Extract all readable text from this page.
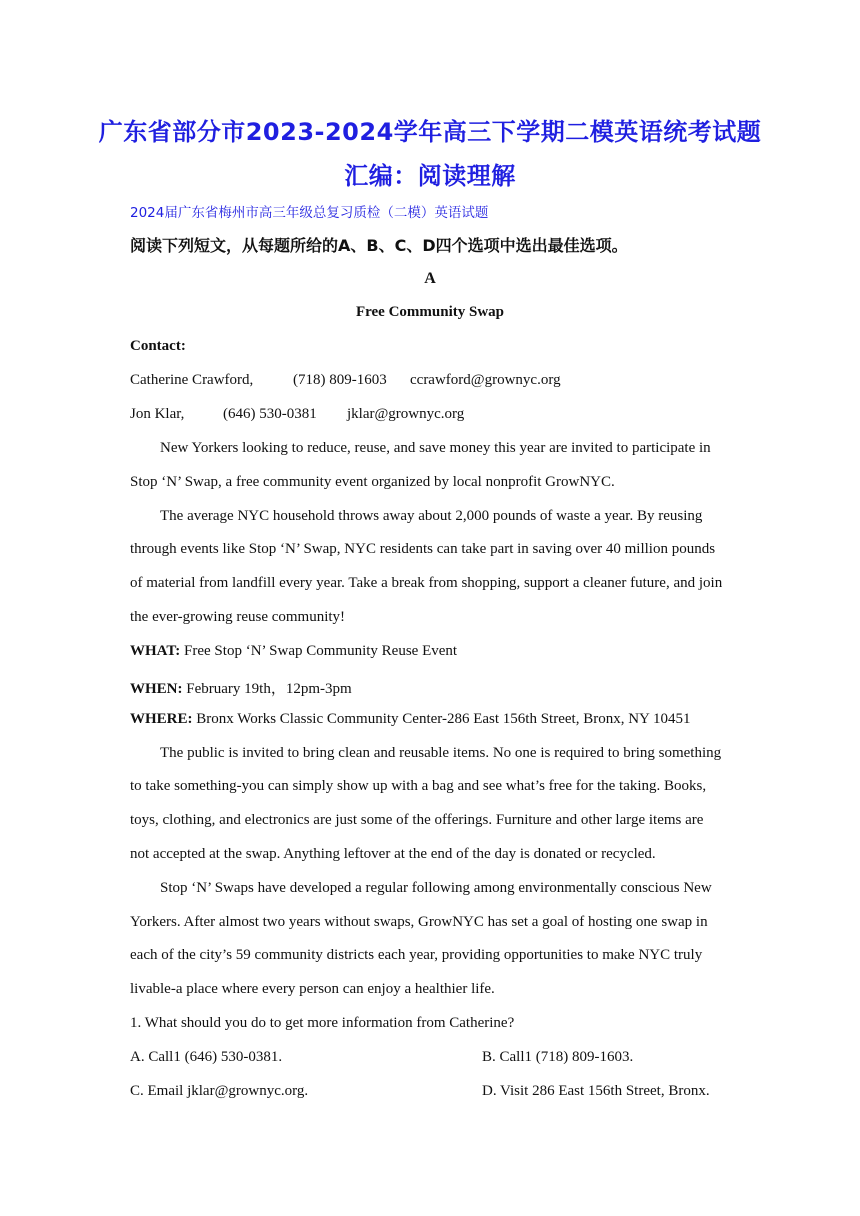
广东省部分市2023-2024学年高三下学期二模英语统考试题
汇编：阅读理解
2024届广东省梅州市高三年级总复习质检（二模）英语试题
阅读下列短文，从每题所给的A、B、C、D四个选项中选出最佳选项。
A
Free Community Swap
Contact:
Catherine Crawford,	(718) 809-1603 ccrawford@grownyc.org
Jon Klar,	(646) 530-0381 jklar@grownyc.org
New Yorkers looking to reduce, reuse, and save money this year are invited to participate in
Stop ‘N’ Swap, a free community event organized by local nonprofit GrowNYC.
The average NYC household throws away about 2,000 pounds of waste a year. By reusing
through events like Stop ‘N’ Swap, NYC residents can take part in saving over 40 million pounds
of material from landfill every year. Take a break from shopping, support a cleaner future, and join
the ever-growing reuse community!
WHAT: Free Stop ‘N’ Swap Community Reuse Event
WHEN: February 19th，12pm-3pm
WHERE: Bronx Works Classic Community Center-286 East 156th Street, Bronx, NY 10451
The public is invited to bring clean and reusable items. No one is required to bring something
to take something-you can simply show up with a bag and see what’s free for the taking. Books,
toys, clothing, and electronics are just some of the offerings. Furniture and other large items are
not accepted at the swap. Anything leftover at the end of the day is donated or recycled.
Stop ‘N’ Swaps have developed a regular following among environmentally conscious New
Yorkers. After almost two years without swaps, GrowNYC has set a goal of hosting one swap in
each of the city’s 59 community districts each year, providing opportunities to make NYC truly
livable-a place where every person can enjoy a healthier life.
1. What should you do to get more information from Catherine?
A. Call1 (646) 530-0381.	B. Call1 (718) 809-1603.
C. Email jklar@grownyc.org.	D. Visit 286 East 156th Street, Bronx.
